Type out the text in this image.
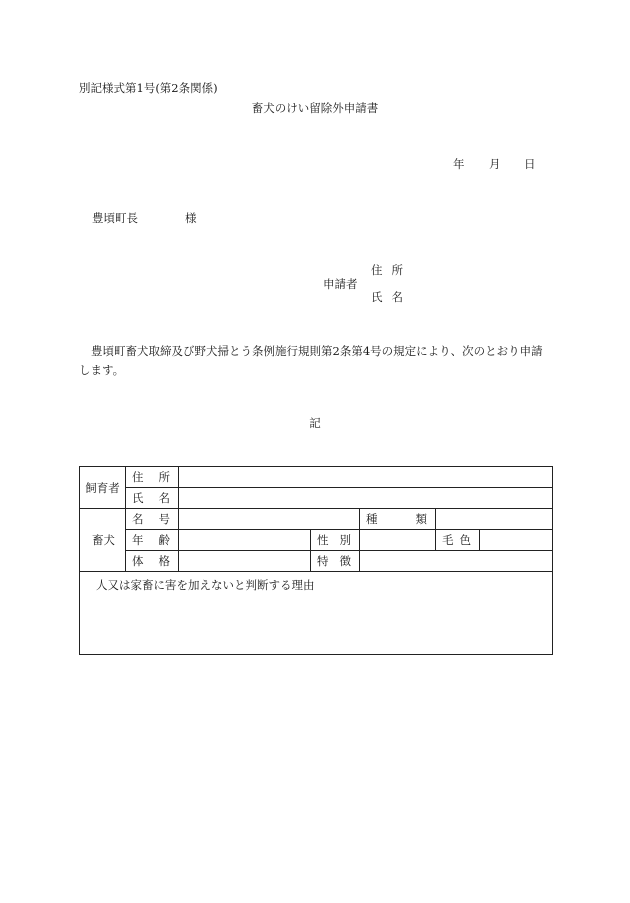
別記様式第1号(第2条関係)
畜犬のけい留除外申請書
年 月 日
豊頃町長	様
申請者
住所
氏名
豊頃町畜犬取締及び野犬掃とう条例施行規則第2条第4号の規定により、次のとおり申請します。
記
飼育者	住所					
	氏名					
畜犬	名号			種類		
	年齢		性別		毛色	
	体格		特徴			
人又は家畜に害を加えないと判断する理由						
